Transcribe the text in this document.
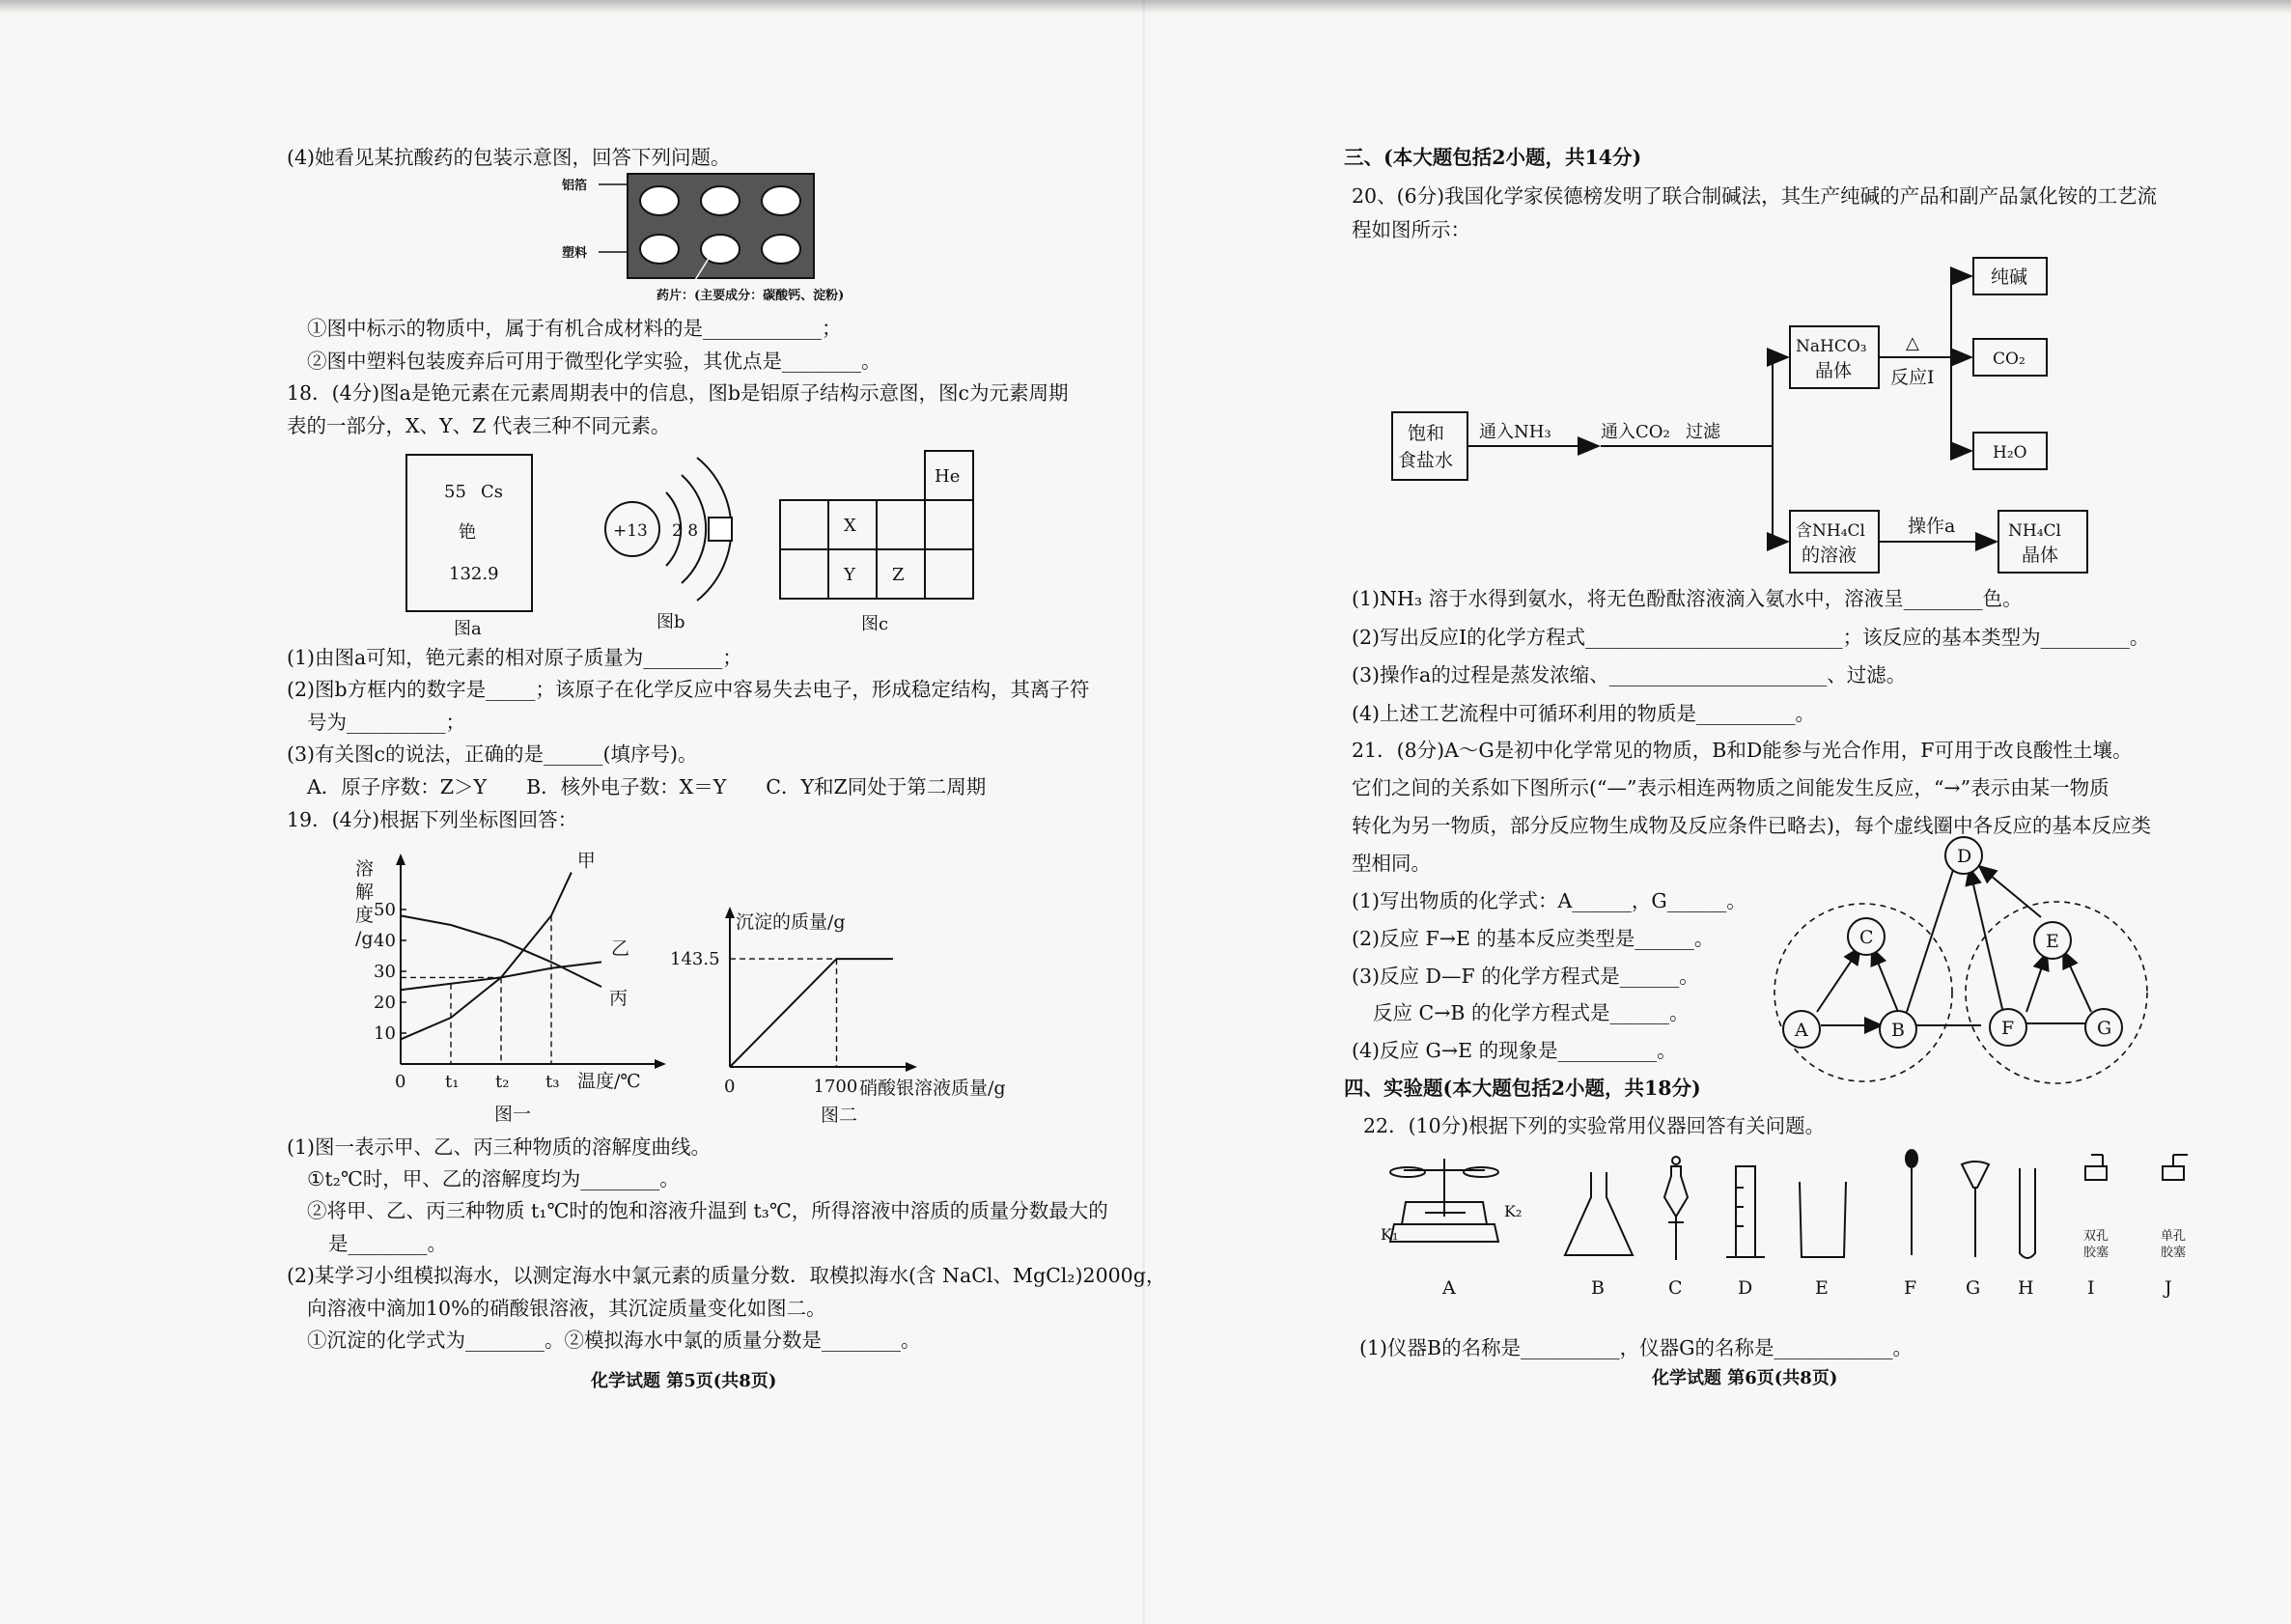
(4)她看见某抗酸药的包装示意图，回答下列问题。
铝箔
塑料
药片：(主要成分：碳酸钙、淀粉)
①图中标示的物质中，属于有机合成材料的是____________；
②图中塑料包装废弃后可用于微型化学实验，其优点是________。
18．(4分)图a是铯元素在元素周期表中的信息，图b是铝原子结构示意图，图c为元素周期
表的一部分，X、Y、Z 代表三种不同元素。
55 Cs
铯
132.9
图a
+13 2 8
图b
He
X
Y Z
图c
(1)由图a可知，铯元素的相对原子质量为________；
(2)图b方框内的数字是_____；该原子在化学反应中容易失去电子，形成稳定结构，其离子符
号为__________；
(3)有关图c的说法，正确的是______(填序号)。
A．原子序数：Z＞Y　　B．核外电子数：X＝Y　　C．Y和Z同处于第二周期
19．(4分)根据下列坐标图回答：
溶
解
度
/g
10
20
30
40
50
0 t₁ t₂ t₃
甲
乙
丙
温度/℃
图一
沉淀的质量/g
143.5
0	1700 硝酸银溶液质量/g
图二
(1)图一表示甲、乙、丙三种物质的溶解度曲线。
①t₂℃时，甲、乙的溶解度均为________。
②将甲、乙、丙三种物质 t₁℃时的饱和溶液升温到 t₃℃，所得溶液中溶质的质量分数最大的
是________。
(2)某学习小组模拟海水，以测定海水中氯元素的质量分数．取模拟海水(含 NaCl、MgCl₂)2000g，
向溶液中滴加10%的硝酸银溶液，其沉淀质量变化如图二。
①沉淀的化学式为________。②模拟海水中氯的质量分数是________。
化学试题 第5页(共8页)
三、(本大题包括2小题，共14分)
20、(6分)我国化学家侯德榜发明了联合制碱法，其生产纯碱的产品和副产品氯化铵的工艺流
程如图所示：
饱和
食盐水
通入NH₃	通入CO₂ 过滤
NaHCO₃
晶体
△
反应Ⅰ
纯碱
CO₂
H₂O
含NH₄Cl
的溶液
操作a	NH₄Cl
晶体
(1)NH₃ 溶于水得到氨水，将无色酚酞溶液滴入氨水中，溶液呈________色。
(2)写出反应Ⅰ的化学方程式__________________________；该反应的基本类型为_________。
(3)操作a的过程是蒸发浓缩、______________________、过滤。
(4)上述工艺流程中可循环利用的物质是__________。
21．(8分)A～G是初中化学常见的物质，B和D能参与光合作用，F可用于改良酸性土壤。
它们之间的关系如下图所示(“—”表示相连两物质之间能发生反应，“→”表示由某一物质
转化为另一物质，部分反应物生成物及反应条件已略去)，每个虚线圈中各反应的基本反应类
型相同。
(1)写出物质的化学式：A______，G______。
(2)反应 F→E 的基本反应类型是______。
(3)反应 D—F 的化学方程式是______。
反应 C→B 的化学方程式是______。
(4)反应 G→E 的现象是__________。
A	B
C
D
E
F	G
四、实验题(本大题包括2小题，共18分)
22．(10分)根据下列的实验常用仪器回答有关问题。
K₁
K₂
双孔
胶塞
单孔
胶塞
A	B	C	D	E	F	G H	I	J
(1)仪器B的名称是__________，仪器G的名称是____________。
化学试题 第6页(共8页)
